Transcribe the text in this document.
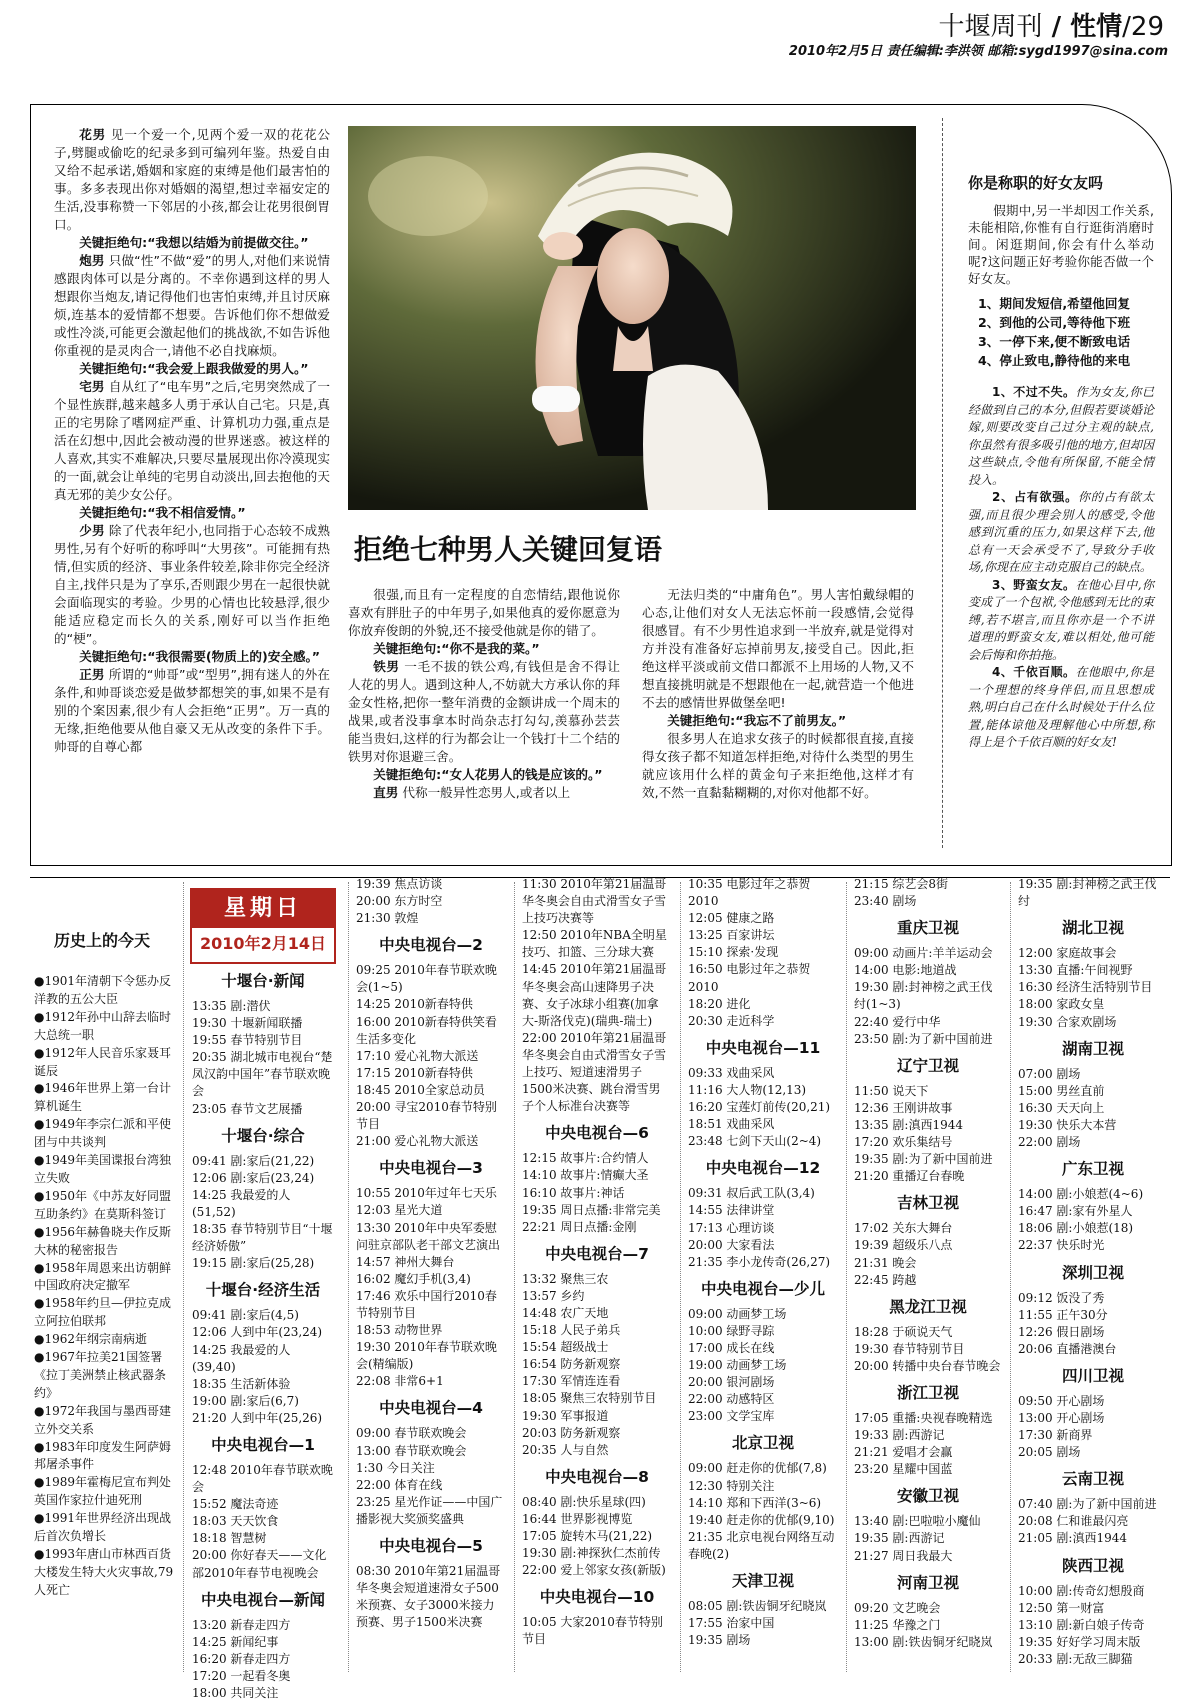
十堰周刊 / 性情/29
2010年2月5日 责任编辑:李洪领 邮箱:sygd1997@sina.com

花男 见一个爱一个,见两个爱一双的花花公子,劈腿或偷吃的纪录多到可编列年鉴。热爱自由又给不起承诺,婚姻和家庭的束缚是他们最害怕的事。多多表现出你对婚姻的渴望,想过幸福安定的生活,没事称赞一下邻居的小孩,都会让花男很倒胃口。

关键拒绝句:“我想以结婚为前提做交往。”

炮男 只做“性”不做“爱”的男人,对他们来说情感跟肉体可以是分离的。不幸你遇到这样的男人想跟你当炮友,请记得他们也害怕束缚,并且讨厌麻烦,连基本的爱情都不想要。告诉他们你不想做爱或性冷淡,可能更会激起他们的挑战欲,不如告诉他你重视的是灵肉合一,请他不必自找麻烦。

关键拒绝句:“我会爱上跟我做爱的男人。”

宅男 自从红了“电车男”之后,宅男突然成了一个显性族群,越来越多人勇于承认自己宅。只是,真正的宅男除了嗜网症严重、计算机功力强,重点是活在幻想中,因此会被动漫的世界迷惑。被这样的人喜欢,其实不难解决,只要尽量展现出你冷漠现实的一面,就会让单纯的宅男自动淡出,回去抱他的天真无邪的美少女公仔。

关键拒绝句:“我不相信爱情。”

少男 除了代表年纪小,也同指于心态较不成熟男性,另有个好听的称呼叫“大男孩”。可能拥有热情,但实质的经济、事业条件较差,除非你完全经济自主,找伴只是为了享乐,否则跟少男在一起很快就会面临现实的考验。少男的心情也比较悬浮,很少能适应稳定而长久的关系,刚好可以当作拒绝的“梗”。

关键拒绝句:“我很需要(物质上的)安全感。”

正男 所谓的“帅哥”或“型男”,拥有迷人的外在条件,和帅哥谈恋爱是做梦都想笑的事,如果不是有别的个案因素,很少有人会拒绝“正男”。万一真的无缘,拒绝他要从他自豪又无从改变的条件下手。帅哥的自尊心都

拒绝七种男人关键回复语

很强,而且有一定程度的自恋情结,跟他说你喜欢有胖肚子的中年男子,如果他真的爱你愿意为你放弃俊朗的外貌,还不接受他就是你的错了。

关键拒绝句:“你不是我的菜。”

铁男 一毛不拔的铁公鸡,有钱但是舍不得让人花的男人。遇到这种人,不妨就大方承认你的拜金女性格,把你一整年消费的金额讲成一个周末的战果,或者没事拿本时尚杂志打勾勾,羡慕孙芸芸能当贵妇,这样的行为都会让一个钱打十二个结的铁男对你退避三舍。

关键拒绝句:“女人花男人的钱是应该的。”

直男 代称一般异性恋男人,或者以上

无法归类的“中庸角色”。男人害怕戴绿帽的心态,让他们对女人无法忘怀前一段感情,会觉得很感冒。有不少男性追求到一半放弃,就是觉得对方并没有准备好忘掉前男友,接受自己。因此,拒绝这样平淡或前文借口都派不上用场的人物,又不想直接挑明就是不想跟他在一起,就营造一个他进不去的感情世界做堡垒吧!

关键拒绝句:“我忘不了前男友。”

很多男人在追求女孩子的时候都很直接,直接得女孩子都不知道怎样拒绝,对待什么类型的男生就应该用什么样的黄金句子来拒绝他,这样才有效,不然一直黏黏糊糊的,对你对他都不好。

你是称职的好女友吗
假期中,另一半却因工作关系,未能相陪,你惟有自行逛街消磨时间。闲逛期间,你会有什么举动呢?这问题正好考验你能否做一个好女友。
1、期间发短信,希望他回复
2、到他的公司,等待他下班
3、一停下来,便不断致电话
4、停止致电,静待他的来电

1、不过不失。作为女友,你已经做到自己的本分,但假若要谈婚论嫁,则要改变自己过分主观的缺点,你虽然有很多吸引他的地方,但却因这些缺点,令他有所保留,不能全情投入。

2、占有欲强。你的占有欲太强,而且很少理会别人的感受,令他感到沉重的压力,如果这样下去,他总有一天会承受不了,导致分手收场,你现在应主动克服自己的缺点。

3、野蛮女友。在他心目中,你变成了一个包袱,令他感到无比的束缚,若不堪言,而且你亦是一个不讲道理的野蛮女友,难以相处,他可能会后悔和你拍拖。

4、千依百顺。在他眼中,你是一个理想的终身伴侣,而且思想成熟,明白自己在什么时候处于什么位置,能体谅他及理解他心中所想,称得上是个千依百顺的好女友!

历史上的今天
●1901年清朝下令惩办反洋教的五公大臣
●1912年孙中山辞去临时大总统一职
●1912年人民音乐家聂耳诞辰
●1946年世界上第一台计算机诞生
●1949年李宗仁派和平使团与中共谈判
●1949年美国谍报台湾独立失败
●1950年《中苏友好同盟互助条约》在莫斯科签订
●1956年赫鲁晓夫作反斯大林的秘密报告
●1958年周恩来出访朝鲜中国政府决定撤军
●1958年约旦—伊拉克成立阿拉伯联邦
●1962年纲宗南病逝
●1967年拉美21国签署《拉丁美洲禁止核武器条约》
●1972年我国与墨西哥建立外交关系
●1983年印度发生阿萨姆邦屠杀事件
●1989年霍梅尼宣布判处英国作家拉什迪死刑
●1991年世界经济出现战后首次负增长
●1993年唐山市林西百货大楼发生特大火灾事故,79人死亡
星期日
2010年2月14日
十堰台·新闻
13:35 剧:潜伏
19:30 十堰新闻联播
19:55 春节特别节目
20:35 湖北城市电视台“楚凤汉韵中国年”春节联欢晚会
23:05 春节文艺展播
十堰台·综合
09:41 剧:家后(21,22)
12:06 剧:家后(23,24)
14:25 我最爱的人(51,52)
18:35 春节特别节目“十堰经济娇傲”
19:15 剧:家后(25,28)
十堰台·经济生活
09:41 剧:家后(4,5)
12:06 人到中年(23,24)
14:25 我最爱的人(39,40)
18:35 生活新体验
19:00 剧:家后(6,7)
21:20 人到中年(25,26)
中央电视台—1
12:48 2010年春节联欢晚会
15:52 魔法奇迹
18:03 天天饮食
18:18 智慧树
20:00 你好春天——文化部2010年春节电视晚会
中央电视台—新闻
13:20 新春走四方
14:25 新闻纪事
16:20 新春走四方
17:20 一起看冬奥
18:00 共同关注
19:39 焦点访谈
20:00 东方时空
21:30 敦煌
中央电视台—2
09:25 2010年春节联欢晚会(1~5)
14:25 2010新春特供
16:00 2010新春特供笑看生活多变化
17:10 爱心礼物大派送
17:15 2010新春特供
18:45 2010全家总动员
20:00 寻宝2010春节特别节目
21:00 爱心礼物大派送
中央电视台—3
10:55 2010年过年七天乐
12:03 星光大道
13:30 2010年中央军委慰问驻京部队老干部文艺演出
14:57 神州大舞台
16:02 魔幻手机(3,4)
17:46 欢乐中国行2010春节特别节目
18:53 动物世界
19:30 2010年春节联欢晚会(精编版)
22:08 非常6+1
中央电视台—4
09:00 春节联欢晚会
13:00 春节联欢晚会
1:30 今日关注
22:00 体育在线
23:25 星光作证——中国广播影视大奖颁奖盛典
中央电视台—5
08:30 2010年第21届温哥华冬奥会短道速滑女子500米预赛、女子3000米接力预赛、男子1500米决赛
11:30 2010年第21届温哥华冬奥会自由式滑雪女子雪上技巧决赛等
12:50 2010年NBA全明星技巧、扣篮、三分球大赛
14:45 2010年第21届温哥华冬奥会高山速降男子决赛、女子冰球小组赛(加拿大-斯洛伐克)(瑞典-瑞士)
22:00 2010年第21届温哥华冬奥会自由式滑雪女子雪上技巧、短道速滑男子1500米决赛、跳台滑雪男子个人标准台决赛等
中央电视台—6
12:15 故事片:合约情人
14:10 故事片:情癫大圣
16:10 故事片:神话
19:35 周日点播:非常完美
22:21 周日点播:金刚
中央电视台—7
13:32 聚焦三农
13:57 乡约
14:48 农广天地
15:18 人民子弟兵
15:54 超级战士
16:54 防务新观察
17:30 军情连连看
18:05 聚焦三农特别节目
19:30 军事报道
20:03 防务新观察
20:35 人与自然
中央电视台—8
08:40 剧:快乐星球(四)
16:44 世界影视博览
17:05 旋转木马(21,22)
19:30 剧:神探狄仁杰前传
22:00 爱上邻家女孩(新版)
中央电视台—10
10:05 大家2010春节特别节目
10:35 电影过年之恭贺2010
12:05 健康之路
13:25 百家讲坛
15:10 探索·发现
16:50 电影过年之恭贺2010
18:20 进化
20:30 走近科学
中央电视台—11
09:33 戏曲采风
11:16 大人物(12,13)
16:20 宝莲灯前传(20,21)
18:51 戏曲采风
23:48 七剑下天山(2~4)
中央电视台—12
09:31 叔后武工队(3,4)
14:55 法律讲堂
17:13 心理访谈
20:00 大家看法
21:35 李小龙传奇(26,27)
中央电视台—少儿
09:00 动画梦工场
10:00 绿野寻踪
17:00 成长在线
19:00 动画梦工场
20:00 银河剧场
22:00 动感特区
23:00 文学宝库
北京卫视
09:00 赶走你的优郁(7,8)
12:30 特别关注
14:10 郑和下西洋(3~6)
19:40 赶走你的优郁(9,10)
21:35 北京电视台网络互动春晚(2)
天津卫视
08:05 剧:铁齿铜牙纪晓岚
17:55 治家中国
19:35 剧场
21:15 综艺会8街
23:40 剧场
重庆卫视
09:00 动画片:羊羊运动会
14:00 电影:地道战
19:30 剧:封神榜之武王伐纣(1~3)
22:40 爱行中华
23:50 剧:为了新中国前进
辽宁卫视
11:50 说天下
12:36 王刚讲故事
13:35 剧:滇西1944
17:20 欢乐集结号
19:35 剧:为了新中国前进
21:20 重播辽台春晚
吉林卫视
17:02 关东大舞台
19:39 超级乐八点
21:31 晚会
22:45 跨越
黑龙江卫视
18:28 于硕说天气
19:30 春节特别节目
20:00 转播中央台春节晚会
浙江卫视
17:05 重播:央视春晚精选
19:33 剧:西游记
21:21 爱唱才会赢
23:20 星耀中国蓝
安徽卫视
13:40 剧:巴啦啦小魔仙
19:35 剧:西游记
21:27 周日我最大
河南卫视
09:20 文艺晚会
11:25 华豫之门
13:00 剧:铁齿铜牙纪晓岚
19:35 剧:封神榜之武王伐纣
湖北卫视
12:00 家庭故事会
13:30 直播:午间视野
16:30 经济生活特别节目
18:00 家政女皇
19:30 合家欢剧场
湖南卫视
07:00 剧场
15:00 男丝直前
16:30 天天向上
19:30 快乐大本营
22:00 剧场
广东卫视
14:00 剧:小娘惹(4~6)
16:47 剧:家有外星人
18:06 剧:小娘惹(18)
22:37 快乐时光
深圳卫视
09:12 饭没了秀
11:55 正午30分
12:26 假日剧场
20:06 直播港澳台
四川卫视
09:50 开心剧场
13:00 开心剧场
17:30 新商界
20:05 剧场
云南卫视
07:40 剧:为了新中国前进
20:08 仁和谁最闪亮
21:05 剧:滇西1944
陕西卫视
10:00 剧:传奇幻想殷商
12:50 第一财富
13:10 剧:新白娘子传奇
19:35 好好学习周末版
20:33 剧:无敌三脚猫
